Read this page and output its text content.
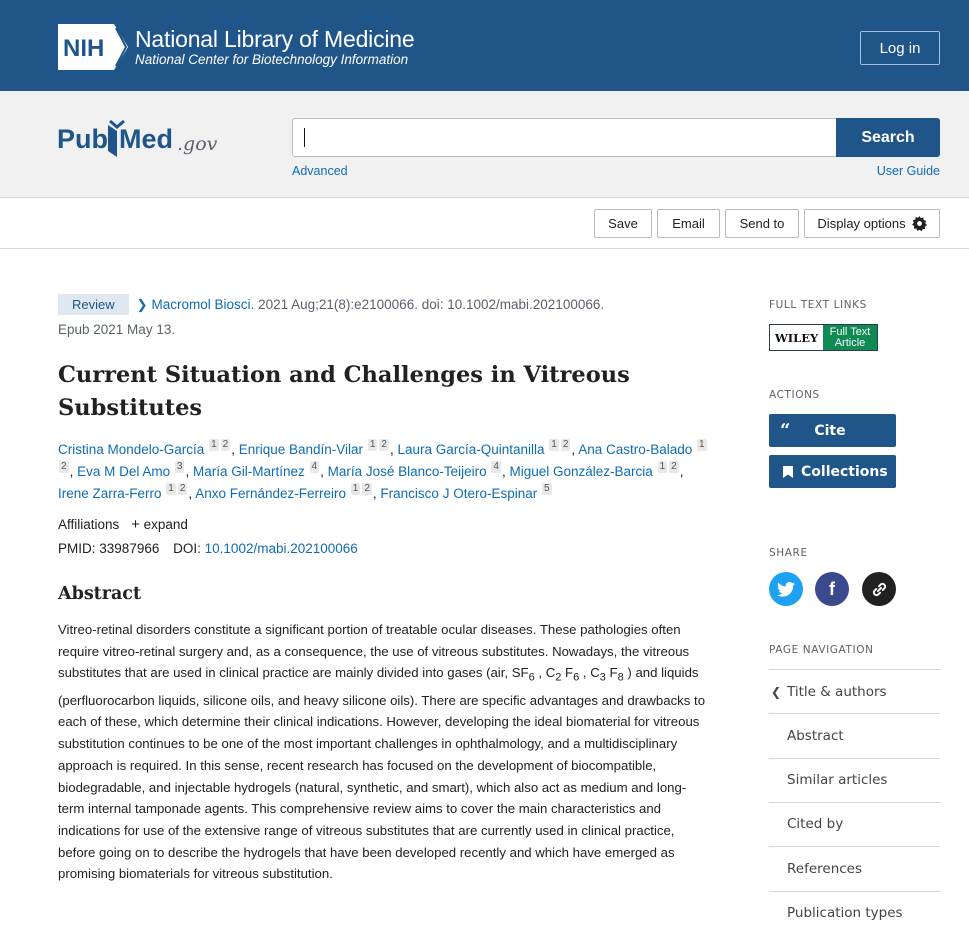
NIH National Library of Medicine
National Center for Biotechnology Information
Log in
Pub Med .gov	Search
Advanced	User Guide
Save	Email	Send to	Display options
Review ❯ Macromol Biosci. 2021 Aug;21(8):e2100066. doi: 10.1002/mabi.202100066.
Epub 2021 May 13.
Current Situation and Challenges in Vitreous Substitutes
Cristina Mondelo-García 1 2 , Enrique Bandín-Vilar 1 2 , Laura García-Quintanilla 1 2 , Ana Castro-Balado 12 , Eva M Del Amo 3 , María Gil-Martínez 4 , María José Blanco-Teijeiro 4 , Miguel González-Barcia 1 2 , Irene Zarra-Ferro 1 2 , Anxo Fernández-Ferreiro 1 2 , Francisco J Otero-Espinar 5
Affiliations + expand
PMID: 33987966 DOI: 10.1002/mabi.202100066
Abstract

Vitreo-retinal disorders constitute a significant portion of treatable ocular diseases. These pathologies often require vitreo-retinal surgery and, as a consequence, the use of vitreous substitutes. Nowadays, the vitreous substitutes that are used in clinical practice are mainly divided into gases (air, $SF_6$ , $C_2$ $F_6$ , $C_3$ $F_8$ ) and liquids (perfluorocarbon liquids, silicone oils, and heavy silicone oils). There are specific advantages and drawbacks to each of these, which determine their clinical indications. However, developing the ideal biomaterial for vitreous substitution continues to be one of the most important challenges in ophthalmology, and a multidisciplinary approach is required. In this sense, recent research has focused on the development of biocompatible, biodegradable, and injectable hydrogels (natural, synthetic, and smart), which also act as medium and long-term internal tamponade agents. This comprehensive review aims to cover the main characteristics and indications for use of the extensive range of vitreous substitutes that are currently used in clinical practice, before going on to describe the hydrogels that have been developed recently and which have emerged as promising biomaterials for vitreous substitution.

FULL TEXT LINKS
WILEY	Full Text
Article
ACTIONS
“ Cite
Collections
SHARE
f
PAGE NAVIGATION
❮ Title & authors
Abstract
Similar articles
Cited by
References
Publication types
